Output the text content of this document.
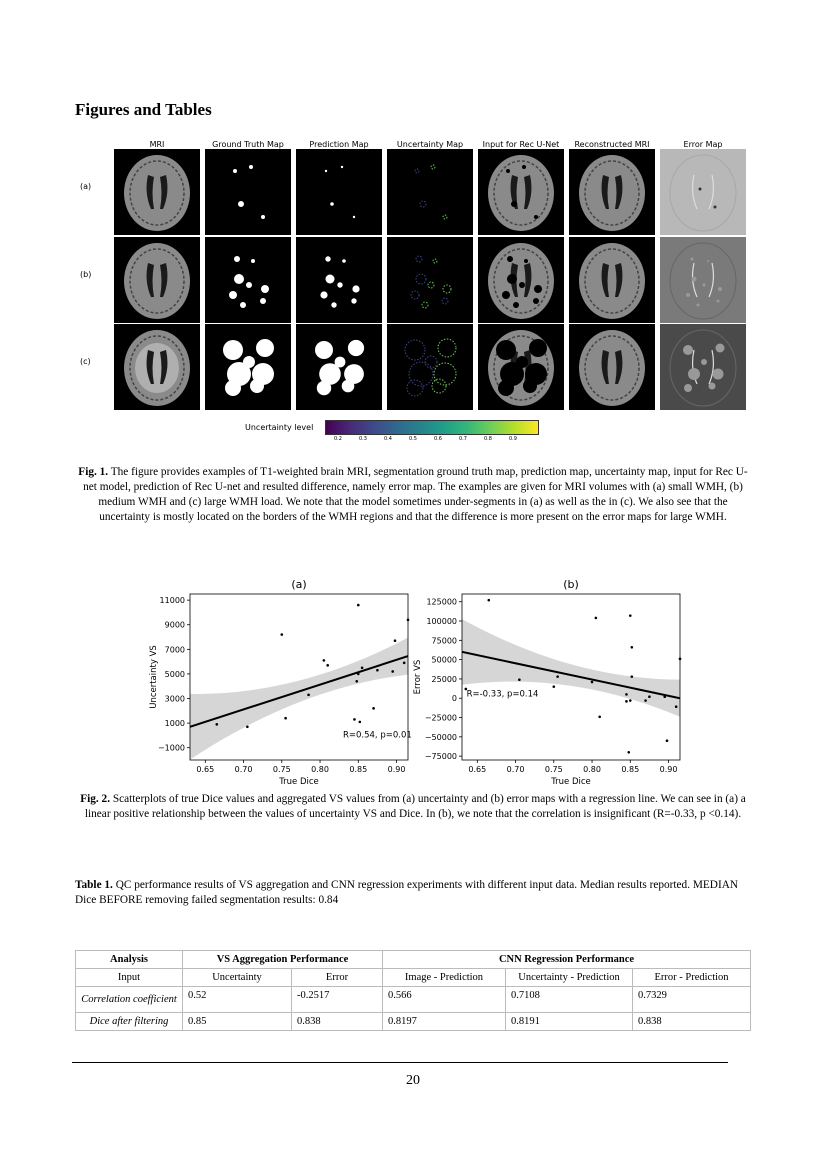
Figures and Tables
MRI	Ground Truth Map	Prediction Map	Uncertainty Map	Input for Rec U-Net	Reconstructed MRI	Error Map
(a)
(b)
(c)
Uncertainty level
0.2	0.3	0.4	0.5	0.6	0.7	0.8	0.9
Fig. 1. The figure provides examples of T1-weighted brain MRI, segmentation ground truth map, prediction map, uncertainty map, input for Rec U-net model, prediction of Rec U-net and resulted difference, namely error map. The examples are given for MRI volumes with (a) small WMH, (b) medium WMH and (c) large WMH load. We note that the model sometimes under-segments in (a) as well as the in (c). We also see that the uncertainty is mostly located on the borders of the WMH regions and that the difference is more present on the error maps for large WMH.
0.65	0.70	0.75	0.80	0.85	0.90
−1000
1000
3000
5000
7000
9000
11000
(a)
True Dice
Uncertainty VS
R=0.54, p=0.01
0.65	0.70	0.75	0.80	0.85	0.90
−75000
−50000
−25000
0
25000
50000
75000
100000
125000
(b)
True Dice
Error VS
R=-0.33, p=0.14
Fig. 2. Scatterplots of true Dice values and aggregated VS values from (a) uncertainty and (b) error maps with a regression line. We can see in (a) a linear positive relationship between the values of uncertainty VS and Dice. In (b), we note that the correlation is insignificant (R=-0.33, p <0.14).
Table 1. QC performance results of VS aggregation and CNN regression experiments with different input data. Median results reported. MEDIAN Dice BEFORE removing failed segmentation results: 0.84
Analysis	VS Aggregation Performance		CNN Regression Performance		
Input	Uncertainty	Error	Image - Prediction	Uncertainty - Prediction	Error - Prediction
Correlation coefficient	0.52	-0.2517	0.566	0.7108	0.7329
Dice after filtering	0.85	0.838	0.8197	0.8191	0.838
20
